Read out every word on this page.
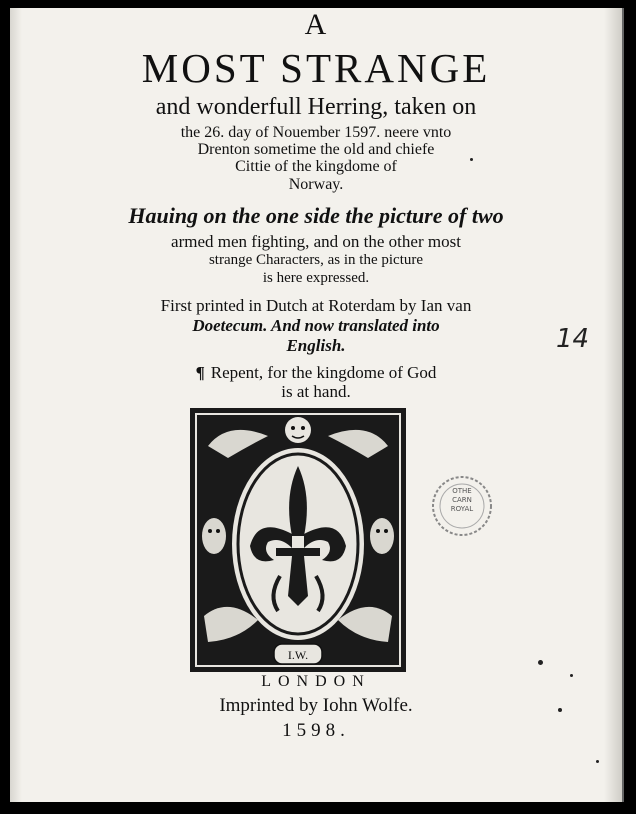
A
MOST STRANGE
and wonderfull Herring, taken on
the 26. day of Nouember 1597. neere vnto
Drenton sometime the old and chiefe
Cittie of the kingdome of
Norway.
Hauing on the one side the picture of two
armed men fighting, and on the other most
strange Characters, as in the picture
is here expressed.
First printed in Dutch at Roterdam by Ian van
Doetecum. And now translated into
English.
¶ Repent, for the kingdome of God
is at hand.
14
I.W.
OTHE
CARN
ROYAL
LONDON
Imprinted by Iohn Wolfe.
1598.
